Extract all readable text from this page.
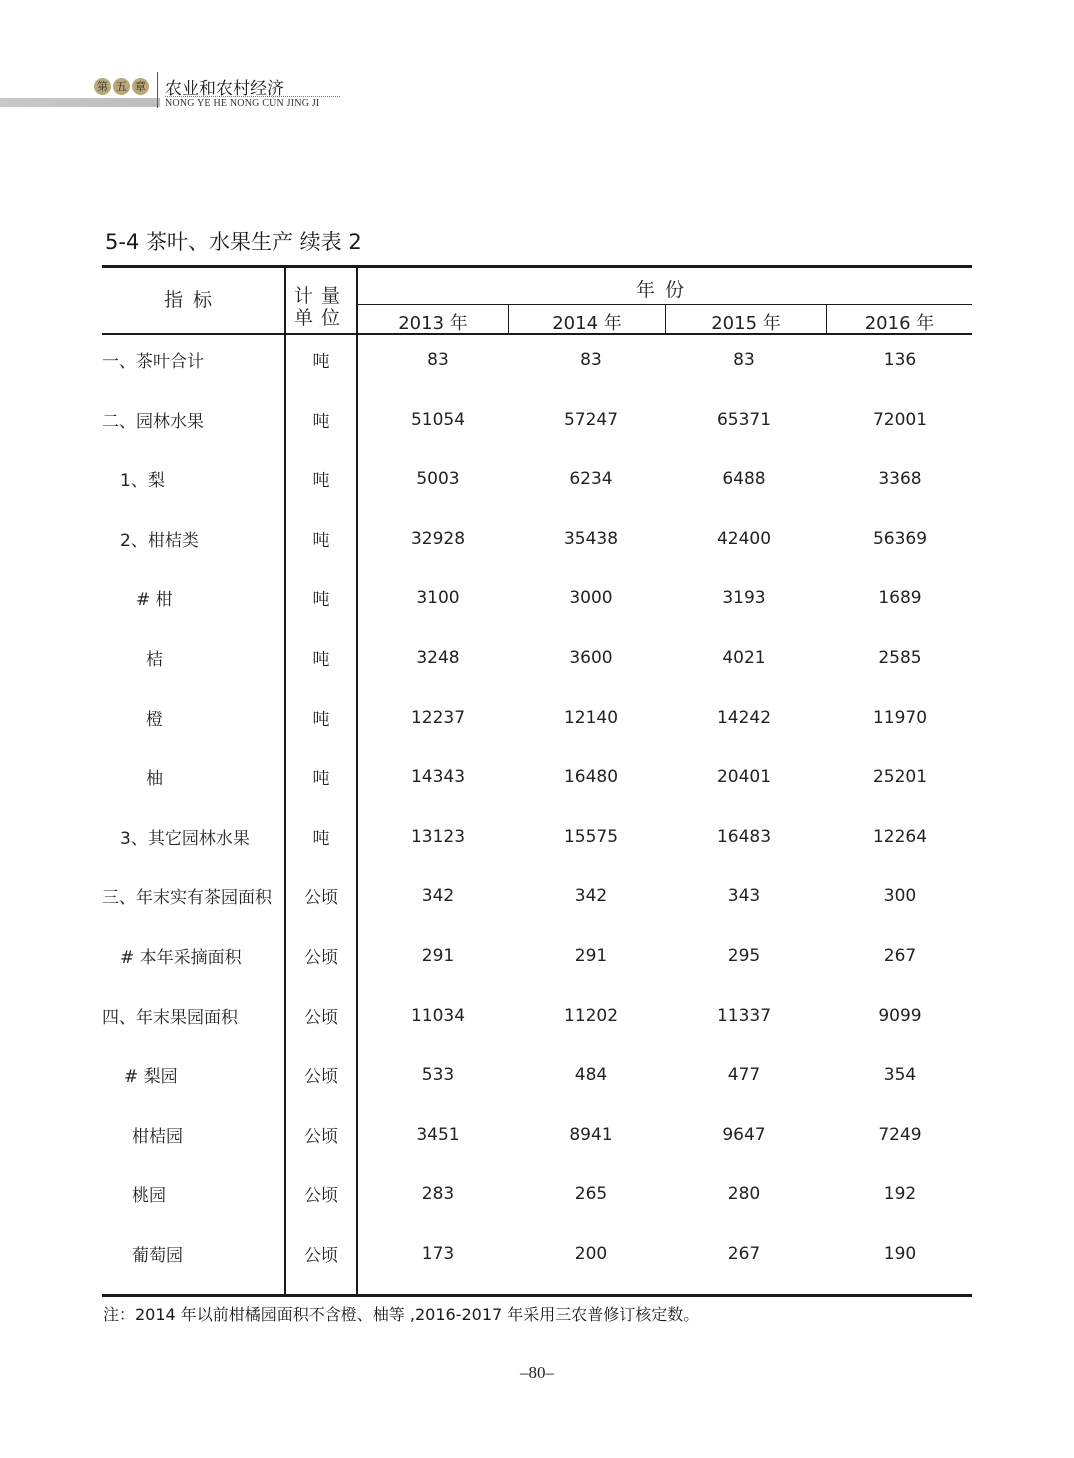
第 五 章 农业和农村经济
NONG YE HE NONG CUN JING JI
5-4 茶叶、水果生产 续表 2
指标	计量
单位
年份
2013 年	2014 年	2015 年	2016 年
一、茶叶合计	吨	83	83	83	136
二、园林水果	吨	51054	57247	65371	72001
1、梨	吨	5003	6234	6488	3368
2、柑桔类	吨	32928	35438	42400	56369
# 柑	吨	3100	3000	3193	1689
桔	吨	3248	3600	4021	2585
橙	吨	12237	12140	14242	11970
柚	吨	14343	16480	20401	25201
3、其它园林水果	吨	13123	15575	16483	12264
三、年末实有茶园面积	公顷	342	342	343	300
# 本年采摘面积	公顷	291	291	295	267
四、年末果园面积	公顷	11034	11202	11337	9099
# 梨园	公顷	533	484	477	354
柑桔园	公顷	3451	8941	9647	7249
桃园	公顷	283	265	280	192
葡萄园	公顷	173	200	267	190
注：2014 年以前柑橘园面积不含橙、柚等 ,2016-2017 年采用三农普修订核定数。
–80–
